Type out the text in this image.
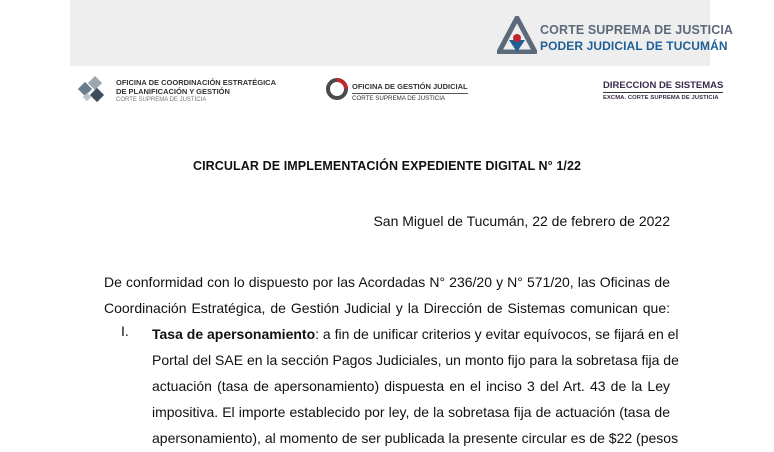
CORTE SUPREMA DE JUSTICIA
PODER JUDICIAL DE TUCUMÁN
OFICINA DE COORDINACIÓN ESTRATÉGICA
DE PLANIFICACIÓN Y GESTIÓN
CORTE SUPREMA DE JUSTICIA
OFICINA DE GESTIÓN JUDICIAL
CORTE SUPREMA DE JUSTICIA
DIRECCION DE SISTEMAS
EXCMA. CORTE SUPREMA DE JUSTICIA
CIRCULAR DE IMPLEMENTACIÓN EXPEDIENTE DIGITAL N° 1/22
San Miguel de Tucumán, 22 de febrero de 2022
De conformidad con lo dispuesto por las Acordadas N° 236/20 y N° 571/20, las Oficinas de
Coordinación Estratégica, de Gestión Judicial y la Dirección de Sistemas comunican que:
I. Tasa de apersonamiento: a fin de unificar criterios y evitar equívocos, se fijará en el
Portal del SAE en la sección Pagos Judiciales, un monto fijo para la sobretasa fija de
actuación (tasa de apersonamiento) dispuesta en el inciso 3 del Art. 43 de la Ley
impositiva. El importe establecido por ley, de la sobretasa fija de actuación (tasa de
apersonamiento), al momento de ser publicada la presente circular es de $22 (pesos
